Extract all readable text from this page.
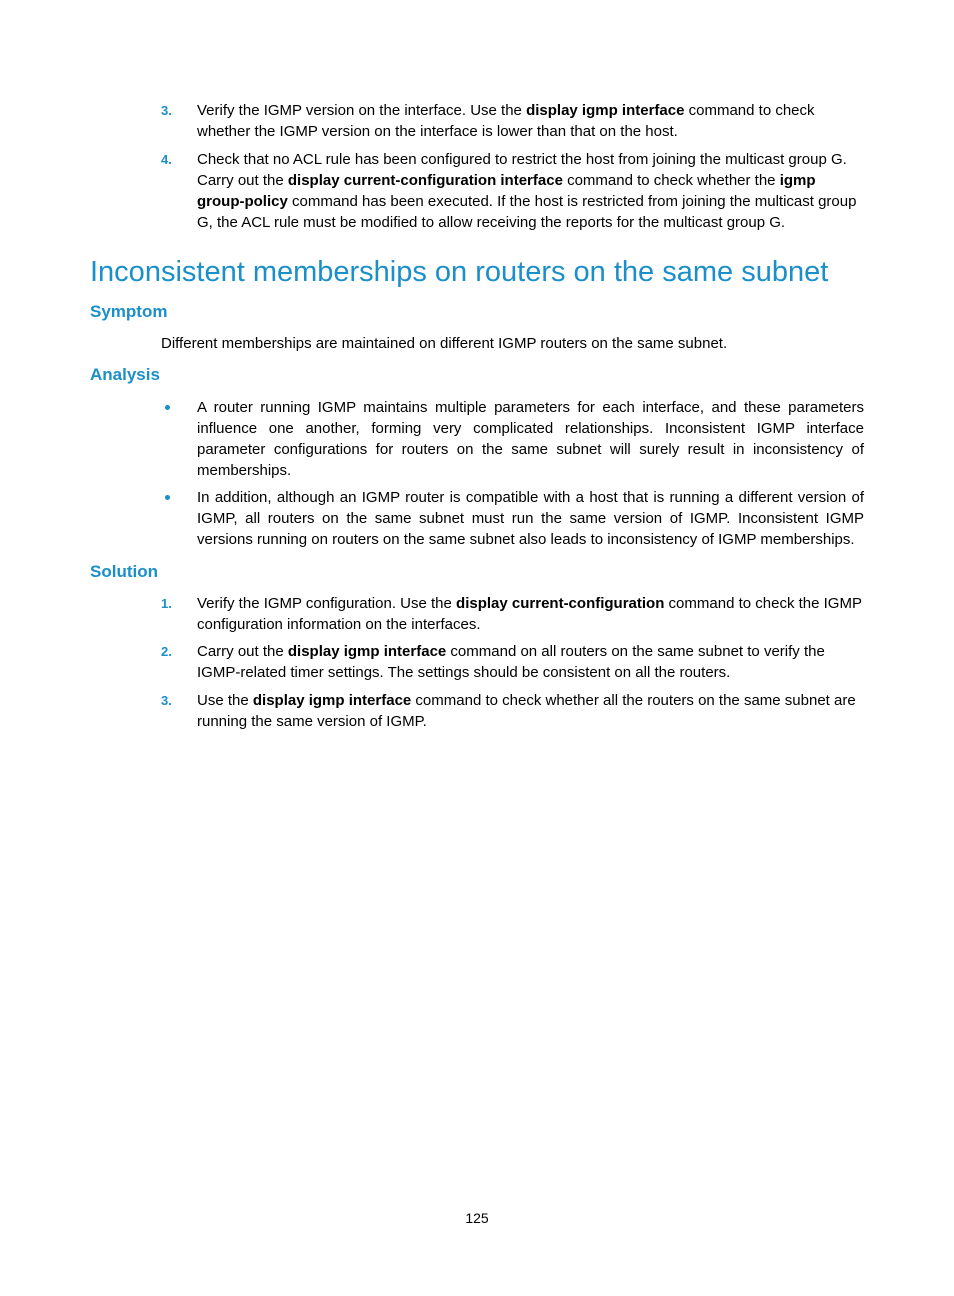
3.	Verify the IGMP version on the interface. Use the display igmp interface command to check whether the IGMP version on the interface is lower than that on the host.
4.	Check that no ACL rule has been configured to restrict the host from joining the multicast group G. Carry out the display current-configuration interface command to check whether the igmp group-policy command has been executed. If the host is restricted from joining the multicast group G, the ACL rule must be modified to allow receiving the reports for the multicast group G.
Inconsistent memberships on routers on the same subnet
Symptom
Different memberships are maintained on different IGMP routers on the same subnet.
Analysis
A router running IGMP maintains multiple parameters for each interface, and these parameters influence one another, forming very complicated relationships. Inconsistent IGMP interface parameter configurations for routers on the same subnet will surely result in inconsistency of memberships.
In addition, although an IGMP router is compatible with a host that is running a different version of IGMP, all routers on the same subnet must run the same version of IGMP. Inconsistent IGMP versions running on routers on the same subnet also leads to inconsistency of IGMP memberships.
Solution
1.	Verify the IGMP configuration. Use the display current-configuration command to check the IGMP configuration information on the interfaces.
2.	Carry out the display igmp interface command on all routers on the same subnet to verify the IGMP-related timer settings. The settings should be consistent on all the routers.
3.	Use the display igmp interface command to check whether all the routers on the same subnet are running the same version of IGMP.
125
